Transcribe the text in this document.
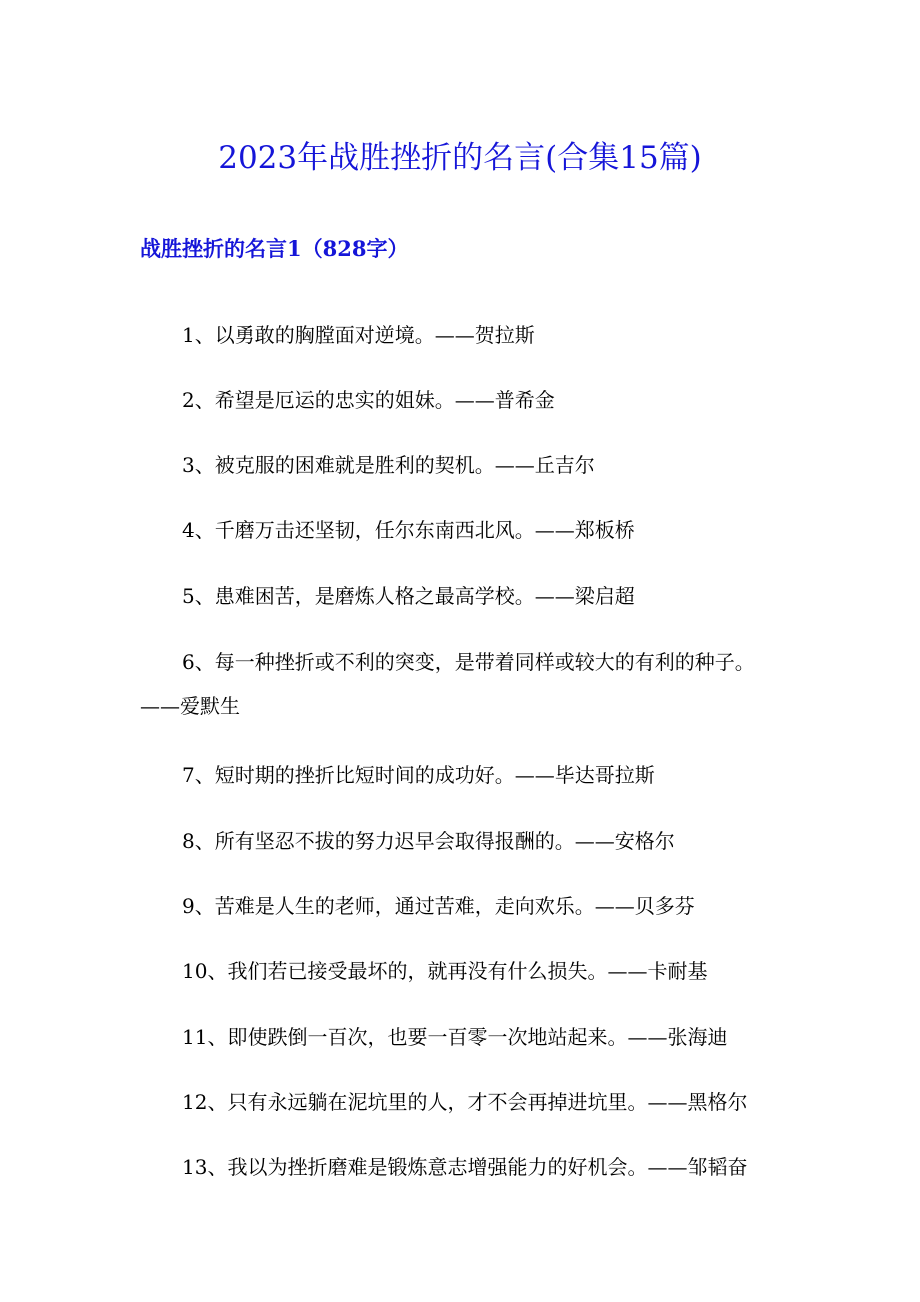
2023年战胜挫折的名言(合集15篇)
战胜挫折的名言1（828字）

1、以勇敢的胸膛面对逆境。——贺拉斯

2、希望是厄运的忠实的姐妹。——普希金

3、被克服的困难就是胜利的契机。——丘吉尔

4、千磨万击还坚韧，任尔东南西北风。——郑板桥

5、患难困苦，是磨炼人格之最高学校。——梁启超

6、每一种挫折或不利的突变，是带着同样或较大的有利的种子。——爱默生

7、短时期的挫折比短时间的成功好。——毕达哥拉斯

8、所有坚忍不拔的努力迟早会取得报酬的。——安格尔

9、苦难是人生的老师，通过苦难，走向欢乐。——贝多芬

10、我们若已接受最坏的，就再没有什么损失。——卡耐基

11、即使跌倒一百次，也要一百零一次地站起来。——张海迪

12、只有永远躺在泥坑里的人，才不会再掉进坑里。——黑格尔

13、我以为挫折磨难是锻炼意志增强能力的好机会。——邹韬奋
